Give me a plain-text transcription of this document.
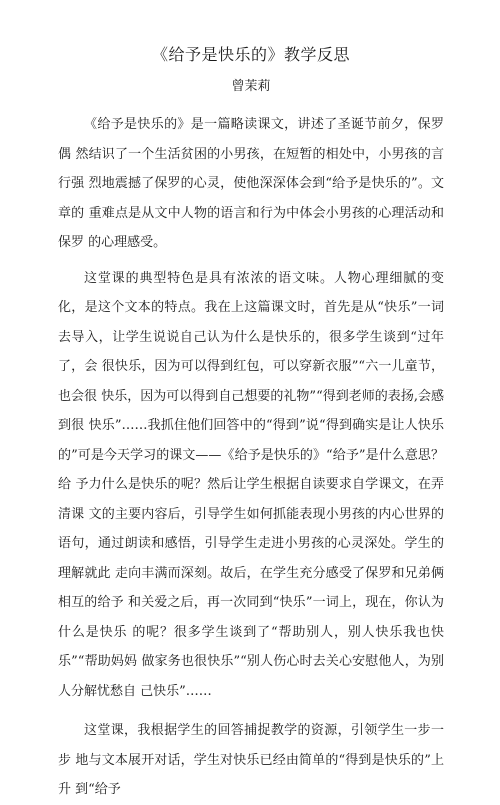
《给予是快乐的》教学反思
曾茉莉

《给予是快乐的》是一篇略读课文，讲述了圣诞节前夕，保罗偶 然结识了一个生活贫困的小男孩，在短暂的相处中，小男孩的言行强 烈地震撼了保罗的心灵，使他深深体会到“给予是快乐的”。文章的 重难点是从文中人物的语言和行为中体会小男孩的心理活动和保罗 的心理感受。

这堂课的典型特色是具有浓浓的语文味。人物心理细腻的变化，是这个文本的特点。我在上这篇课文时，首先是从“快乐”一词去导入，让学生说说自己认为什么是快乐的，很多学生谈到“过年了，会 很快乐，因为可以得到红包，可以穿新衣服”“六一儿童节，也会很 快乐，因为可以得到自己想要的礼物”“得到老师的表扬,会感到很 快乐”……我抓住他们回答中的“得到”说“得到确实是让人快乐的”可是今天学习的课文——《给予是快乐的》“给予”是什么意思？给 予力什么是快乐的呢？然后让学生根据自读要求自学课文，在弄清课 文的主要内容后，引导学生如何抓能表现小男孩的内心世界的语句，通过朗读和感悟，引导学生走进小男孩的心灵深处。学生的理解就此 走向丰满而深刻。故后，在学生充分感受了保罗和兄弟俩相互的给予 和关爱之后，再一次同到“快乐”一词上，现在，你认为什么是快乐 的呢？很多学生谈到了“帮助别人，别人快乐我也快乐”“帮助妈妈 做家务也很快乐”“别人伤心时去关心安慰他人，为别人分解忧愁自 己快乐”……

这堂课，我根据学生的回答捕捉教学的资源，引领学生一步一步 地与文本展开对话，学生对快乐已经由简单的“得到是快乐的”上升 到“给予
